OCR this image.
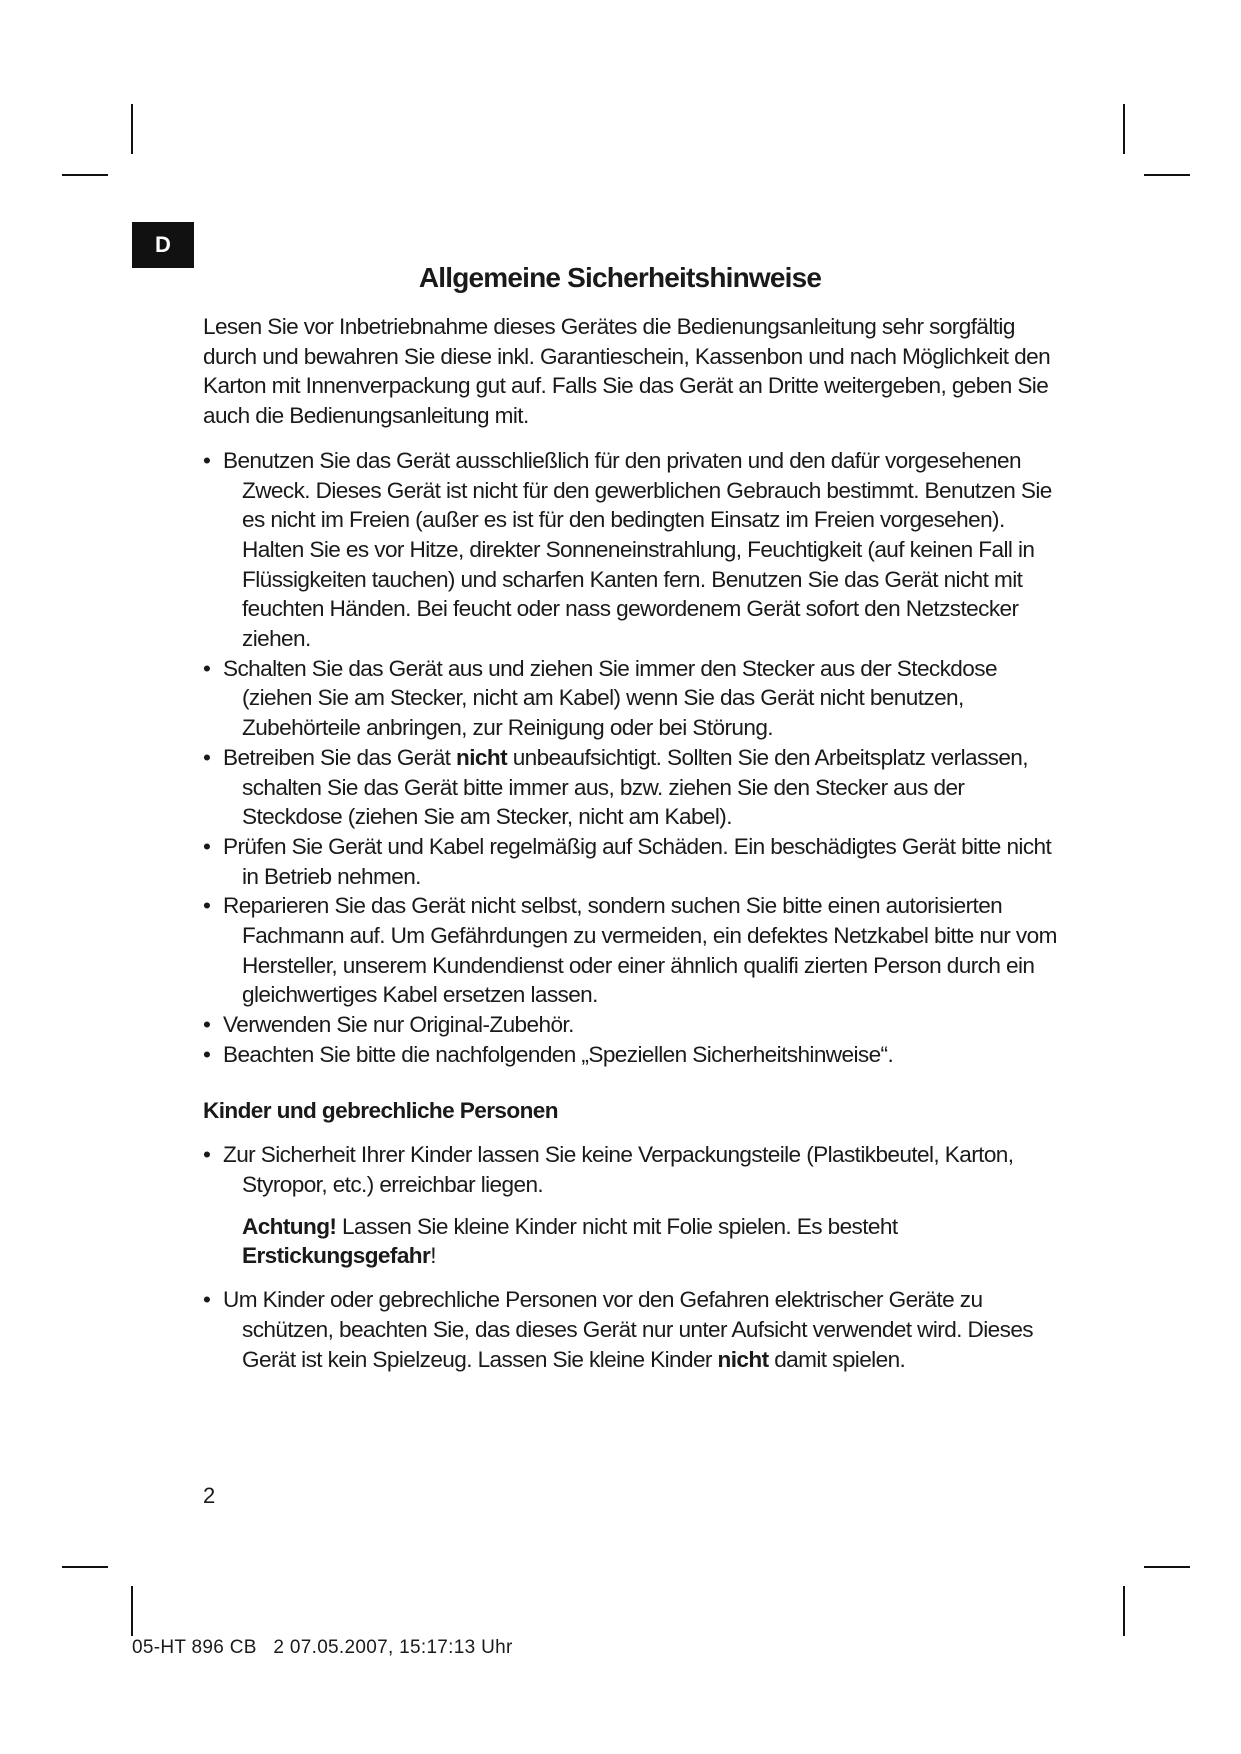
D
Allgemeine Sicherheitshinweise

Lesen Sie vor Inbetriebnahme dieses Gerätes die Bedienungsanleitung sehr sorgfältig durch und bewahren Sie diese inkl. Garantieschein, Kassenbon und nach Möglichkeit den Karton mit Innenverpackung gut auf. Falls Sie das Gerät an Dritte weitergeben, geben Sie auch die Bedienungsanleitung mit.

• Benutzen Sie das Gerät ausschließlich für den privaten und den dafür vorgesehenen Zweck. Dieses Gerät ist nicht für den gewerblichen Gebrauch bestimmt. Benutzen Sie es nicht im Freien (außer es ist für den bedingten Einsatz im Freien vorgesehen). Halten Sie es vor Hitze, direkter Sonneneinstrahlung, Feuchtigkeit (auf keinen Fall in Flüssigkeiten tauchen) und scharfen Kanten fern. Benutzen Sie das Gerät nicht mit feuchten Händen. Bei feucht oder nass gewordenem Gerät sofort den Netzstecker ziehen.
• Schalten Sie das Gerät aus und ziehen Sie immer den Stecker aus der Steckdose (ziehen Sie am Stecker, nicht am Kabel) wenn Sie das Gerät nicht benutzen, Zubehörteile anbringen, zur Reinigung oder bei Störung.
• Betreiben Sie das Gerät nicht unbeaufsichtigt. Sollten Sie den Arbeitsplatz verlassen, schalten Sie das Gerät bitte immer aus, bzw. ziehen Sie den Stecker aus der Steckdose (ziehen Sie am Stecker, nicht am Kabel).
• Prüfen Sie Gerät und Kabel regelmäßig auf Schäden. Ein beschädigtes Gerät bitte nicht in Betrieb nehmen.
• Reparieren Sie das Gerät nicht selbst, sondern suchen Sie bitte einen autorisierten Fachmann auf. Um Gefährdungen zu vermeiden, ein defektes Netzkabel bitte nur vom Hersteller, unserem Kundendienst oder einer ähnlich qualifi zierten Person durch ein gleichwertiges Kabel ersetzen lassen.
• Verwenden Sie nur Original-Zubehör.
• Beachten Sie bitte die nachfolgenden „Speziellen Sicherheitshinweise“.
Kinder und gebrechliche Personen
• Zur Sicherheit Ihrer Kinder lassen Sie keine Verpackungsteile (Plastikbeutel, Karton, Styropor, etc.) erreichbar liegen.

Achtung! Lassen Sie kleine Kinder nicht mit Folie spielen. Es besteht Erstickungsgefahr!

• Um Kinder oder gebrechliche Personen vor den Gefahren elektrischer Geräte zu schützen, beachten Sie, das dieses Gerät nur unter Aufsicht verwendet wird. Dieses Gerät ist kein Spielzeug. Lassen Sie kleine Kinder nicht damit spielen.
2
05-HT 896 CB   2 07.05.2007, 15:17:13 Uhr
